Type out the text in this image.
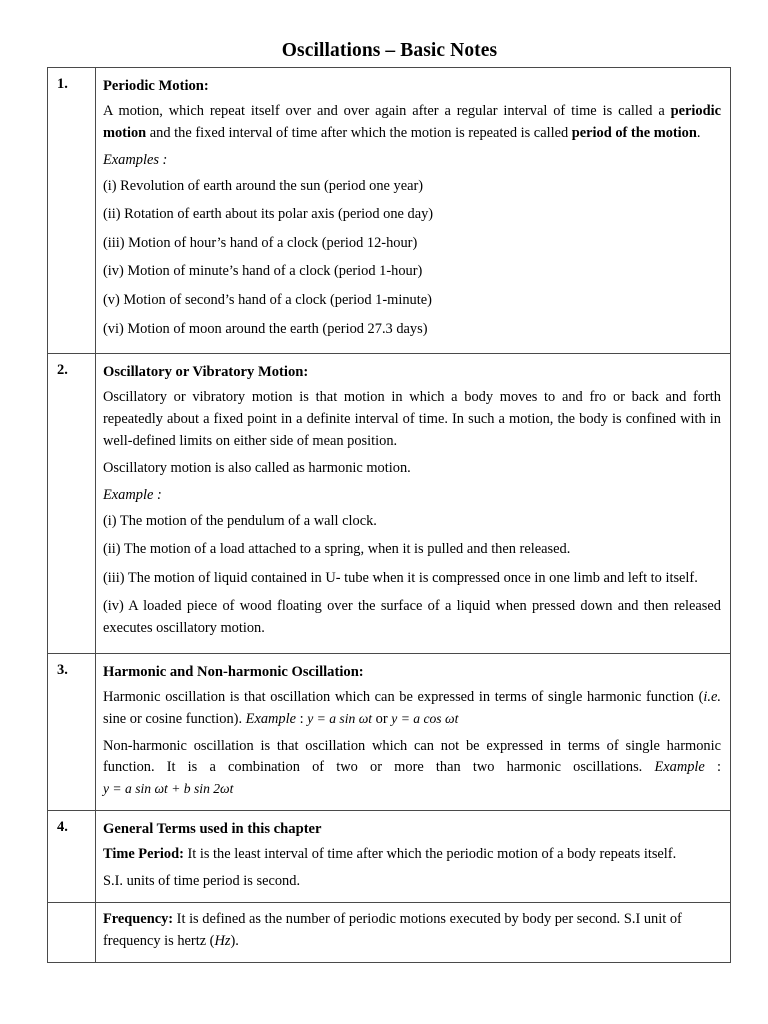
Oscillations – Basic Notes
1.	Periodic Motion:

A motion, which repeat itself over and over again after a regular interval of time is called a periodic motion and the fixed interval of time after which the motion is repeated is called period of the motion.

Examples :
(i) Revolution of earth around the sun (period one year)
(ii) Rotation of earth about its polar axis (period one day)
(iii) Motion of hour’s hand of a clock (period 12-hour)
(iv) Motion of minute’s hand of a clock (period 1-hour)
(v) Motion of second’s hand of a clock (period 1-minute)
(vi) Motion of moon around the earth (period 27.3 days)

2.	Oscillatory or Vibratory Motion:

Oscillatory or vibratory motion is that motion in which a body moves to and fro or back and forth repeatedly about a fixed point in a definite interval of time. In such a motion, the body is confined with in well-defined limits on either side of mean position.

Oscillatory motion is also called as harmonic motion.

Example :
(i) The motion of the pendulum of a wall clock.
(ii) The motion of a load attached to a spring, when it is pulled and then released.
(iii) The motion of liquid contained in U- tube when it is compressed once in one limb and left to itself.
(iv) A loaded piece of wood floating over the surface of a liquid when pressed down and then released executes oscillatory motion.

3.	Harmonic and Non-harmonic Oscillation:

Harmonic oscillation is that oscillation which can be expressed in terms of single harmonic function (i.e. sine or cosine function). Example : y = a sin ωt or y = a cos ωt

Non-harmonic oscillation is that oscillation which can not be expressed in terms of single harmonic function. It is a combination of two or more than two harmonic oscillations. Example : y = a sin ωt + b sin 2ωt

4.	General Terms used in this chapter

Time Period: It is the least interval of time after which the periodic motion of a body repeats itself.

S.I. units of time period is second.

	Frequency: It is defined as the number of periodic motions executed by body per second. S.I unit of frequency is hertz (Hz).
